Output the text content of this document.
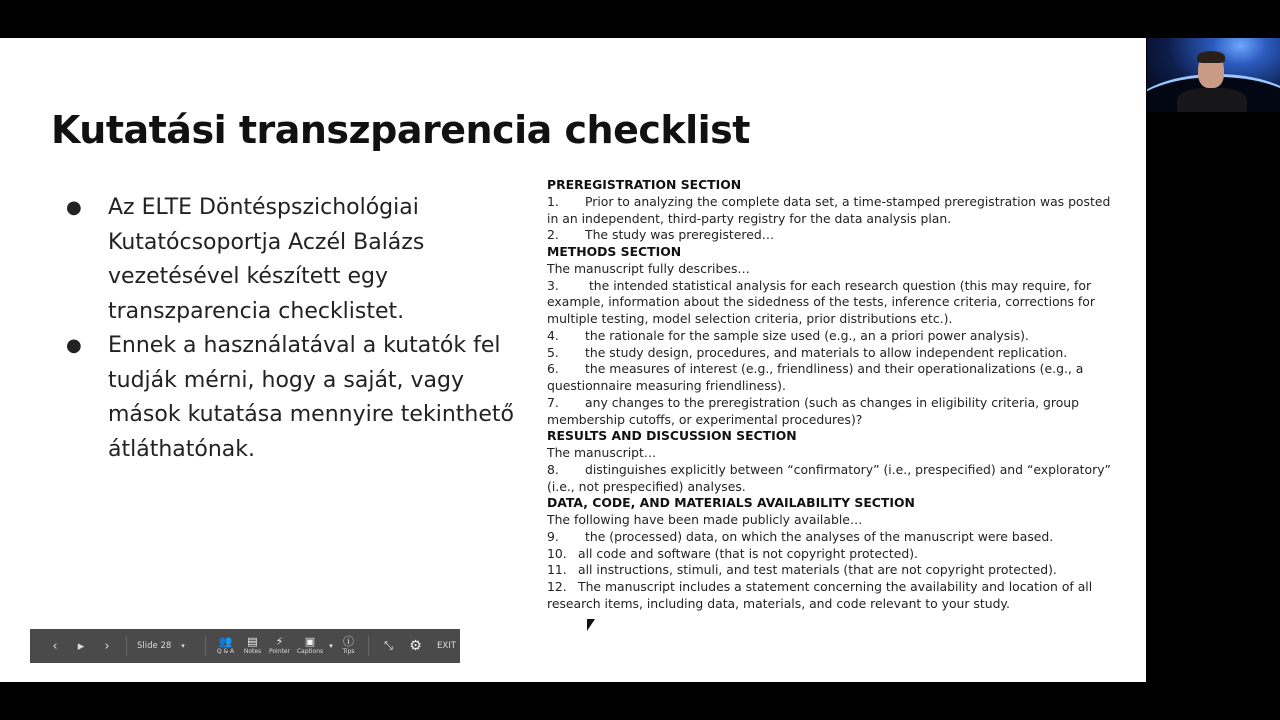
Kutatási transzparencia checklist
● Az ELTE Döntéspszichológiai Kutatócsoportja Aczél Balázs vezetésével készített egy transzparencia checklistet.
● Ennek a használatával a kutatók fel tudják mérni, hogy a saját, vagy mások kutatása mennyire tekinthető átláthatónak.
PREREGISTRATION SECTION
1. Prior to analyzing the complete data set, a time-stamped preregistration was posted in an independent, third-party registry for the data analysis plan.
2. The study was preregistered…
METHODS SECTION
The manuscript fully describes…
3. the intended statistical analysis for each research question (this may require, for example, information about the sidedness of the tests, inference criteria, corrections for multiple testing, model selection criteria, prior distributions etc.).
4. the rationale for the sample size used (e.g., an a priori power analysis).
5. the study design, procedures, and materials to allow independent replication.
6. the measures of interest (e.g., friendliness) and their operationalizations (e.g., a questionnaire measuring friendliness).
7. any changes to the preregistration (such as changes in eligibility criteria, group membership cutoffs, or experimental procedures)?
RESULTS AND DISCUSSION SECTION
The manuscript…
8. distinguishes explicitly between “confirmatory” (i.e., prespecified) and “exploratory” (i.e., not prespecified) analyses.
DATA, CODE, AND MATERIALS AVAILABILITY SECTION
The following have been made publicly available…
9. the (processed) data, on which the analyses of the manuscript were based.
10. all code and software (that is not copyright protected).
11. all instructions, stimuli, and test materials (that are not copyright protected).
12. The manuscript includes a statement concerning the availability and location of all research items, including data, materials, and code relevant to your study.
‹	▸	›	Slide 28 ▾	👥
Q & A
▤
Notes
⚡
Pointer
▣
Captions
▾ ⓘ
Tips	⤡ ⚙ EXIT
